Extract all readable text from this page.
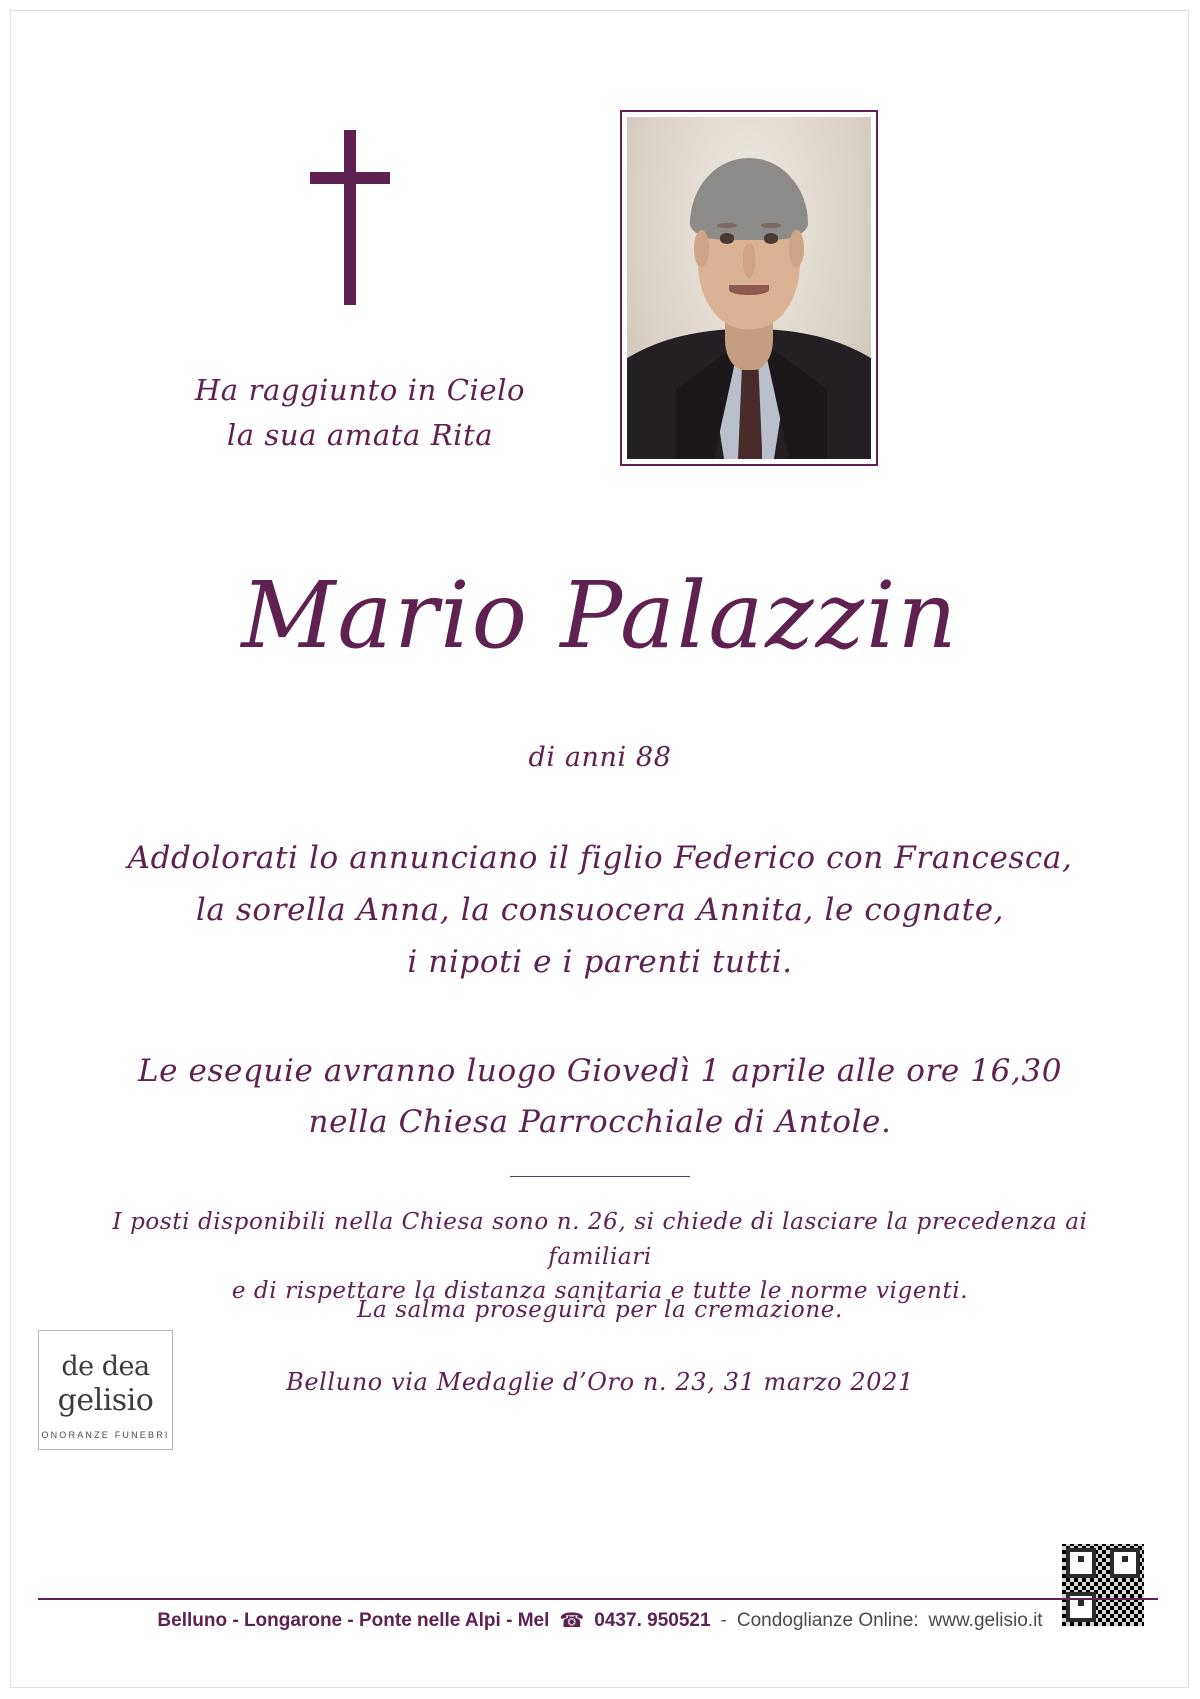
Ha raggiunto in Cielo
la sua amata Rita
Mario Palazzin
di anni 88
Addolorati lo annunciano il figlio Federico con Francesca,
la sorella Anna, la consuocera Annita, le cognate,
i nipoti e i parenti tutti.
Le esequie avranno luogo Giovedì 1 aprile alle ore 16,30
nella Chiesa Parrocchiale di Antole.
I posti disponibili nella Chiesa sono n. 26, si chiede di lasciare la precedenza ai familiari
e di rispettare la distanza sanitaria e tutte le norme vigenti.
La salma proseguirà per la cremazione.
Belluno via Medaglie d’Oro n. 23, 31 marzo 2021
de dea
gelisio
ONORANZE FUNEBRI
Belluno - Longarone - Ponte nelle Alpi - Mel ☎ 0437. 950521 - Condoglianze Online: www.gelisio.it
